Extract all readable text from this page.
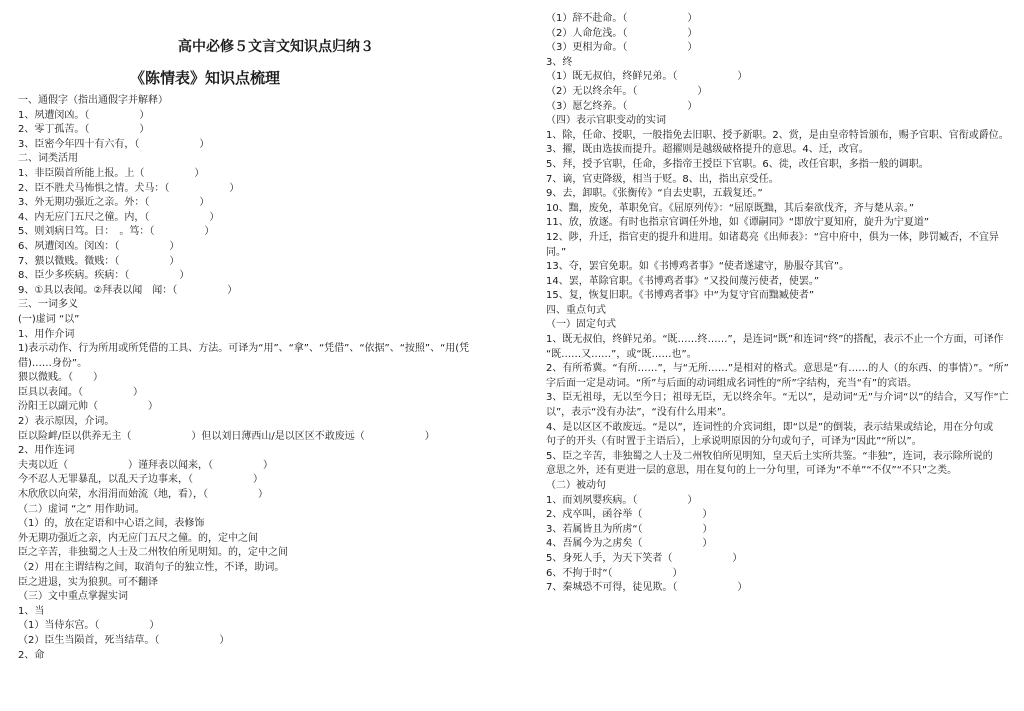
高中必修５文言文知识点归纳３
《陈情表》知识点梳理
一、通假字（指出通假字并解释）
1、夙遭闵凶。（　　　　　）
2、零丁孤苦。（　　　　　）
3、臣密今年四十有六有，（　　　　　　）
二、词类活用
1、非臣陨首所能上报。上（　　　　　）
2、臣不胜犬马怖惧之情。犬马：（　　　　　　）
3、外无期功强近之亲。外：（　　　　　）
4、内无应门五尺之僮。内，（　　　　　　）
5、则刘病日笃。日：　。笃：（　　　　　）
6、夙遭闵凶。闵凶：（　　　　　）
7、猥以微贱。微贱：（　　　　　）
8、臣少多疾病。疾病：（　　　　　）
9、①具以表闻。②拜表以闻　闻：（　　　　　）
三、一词多义
(一)虚词 “以”
1、用作介词
1)表示动作、行为所用或所凭借的工具、方法。可译为“用”、“拿”、“凭借”、“依据”、“按照”、“用(凭
借)……身份”。
猥以微贱。（　　）
臣具以表闻。（　　　　　）
汾阳王以副元帅（　　　　　）
2）表示原因，介词。
臣以险衅/臣以供养无主（　　　　　　）但以刘日薄西山/是以区区不敢废远（　　　　　　）
2、用作连词
夫夷以近（　　　　　　）谨拜表以闻来，（　　　　　）
今不忍人无罪暴乱，以乱天子边事来，（　　　　　　）
木欣欣以向荣，水涓涓而始流（地，看），（　　　　　）
（二）虚词 “之” 用作助词。
（1）的，放在定语和中心语之间，表修饰
外无期功强近之亲，内无应门五尺之僮。的，定中之间
臣之辛苦，非独蜀之人士及二州牧伯所见明知。的，定中之间
（2）用在主谓结构之间，取消句子的独立性，不译，助词。
臣之进退，实为狼狈。可不翻译
（三）文中重点掌握实词
1、当
（1）当侍东宫。（　　　　　）
（2）臣生当陨首，死当结草。（　　　　　　）
2、命
（1）辞不赴命。（　　　　　　）
（2）人命危浅。（　　　　　　）
（3）更相为命。（　　　　　　）
3、终
（1）既无叔伯，终鲜兄弟。（　　　　　　）
（2）无以终余年。（　　　　　　）
（3）愿乞终养。（　　　　　　）
（四）表示官职变动的实词
1、除，任命、授职，一般指免去旧职、授予新职。2、赏，是由皇帝特旨颁布，赐予官职、官衔或爵位。
3、擢，既由选拔而提升。超擢则是越级破格提升的意思。4、迁，改官。
5、拜，授予官职，任命，多指帝王授臣下官职。6、徙，改任官职，多指一般的调职。
7、谪，官吏降级，相当于贬。8、出，指出京受任。
9、去，卸职。《张衡传》“自去史职，五载复还。”
10、黜，废免，革职免官。《屈原列传》：“屈原既黜，其后秦欲伐齐，齐与楚从亲。”
11、放，放逐。有时也指京官调任外地，如《谭嗣同》“即放宁夏知府，旋升为宁夏道”
12、陟，升迁，指官吏的提升和进用。如诸葛亮《出师表》：“宫中府中，俱为一体，陟罚臧否，不宜异
同。”
13、夺，罢官免职。如《书博鸡者事》“使者遂逮守，胁服夺其官”。
14、罢，革除官职。《书博鸡者事》“又投间蔑污使者，使罢。”
15、复，恢复旧职。《书博鸡者事》中“为复守官而黜臧使者”
四、重点句式
（一）固定句式
1、既无叔伯，终鲜兄弟。“既……终……”，是连词“既”和连词“终”的搭配，表示不止一个方面，可译作
“既……又……”，或“既……也”。
2、有所希冀。“有所……”，与“无所……”是相对的格式。意思是“有……的人（的东西、的事情）”。“所”
字后面一定是动词。“所”与后面的动词组成名词性的“所”字结构，充当“有”的宾语。
3、臣无祖母，无以至今日；祖母无臣，无以终余年。“无以”，是动词“无”与介词“以”的结合，又写作“亡
以”，表示“没有办法”，“没有什么用来”。
4、是以区区不敢废远。“是以”，连词性的介宾词组，即“以是”的倒装，表示结果或结论，用在分句或
句子的开头（有时置于主语后），上承说明原因的分句或句子，可译为“因此”“所以”。
5、臣之辛苦，非独蜀之人士及二州牧伯所见明知，皇天后土实所共鉴。“非独”，连词，表示除所说的
意思之外，还有更进一层的意思，用在复句的上一分句里，可译为“不单”“不仅”“不只”之类。
（二）被动句
1、而刘夙婴疾病。（　　　　　）
2、戍卒叫，函谷举（　　　　　　）
3、若属皆且为所虏“（　　　　　　）
4、吾属今为之虏矣（　　　　　　）
5、身死人手，为天下笑者（　　　　　　）
6、不拘于时“（　　　　　　）
7、秦城恐不可得，徒见欺。（　　　　　　）
